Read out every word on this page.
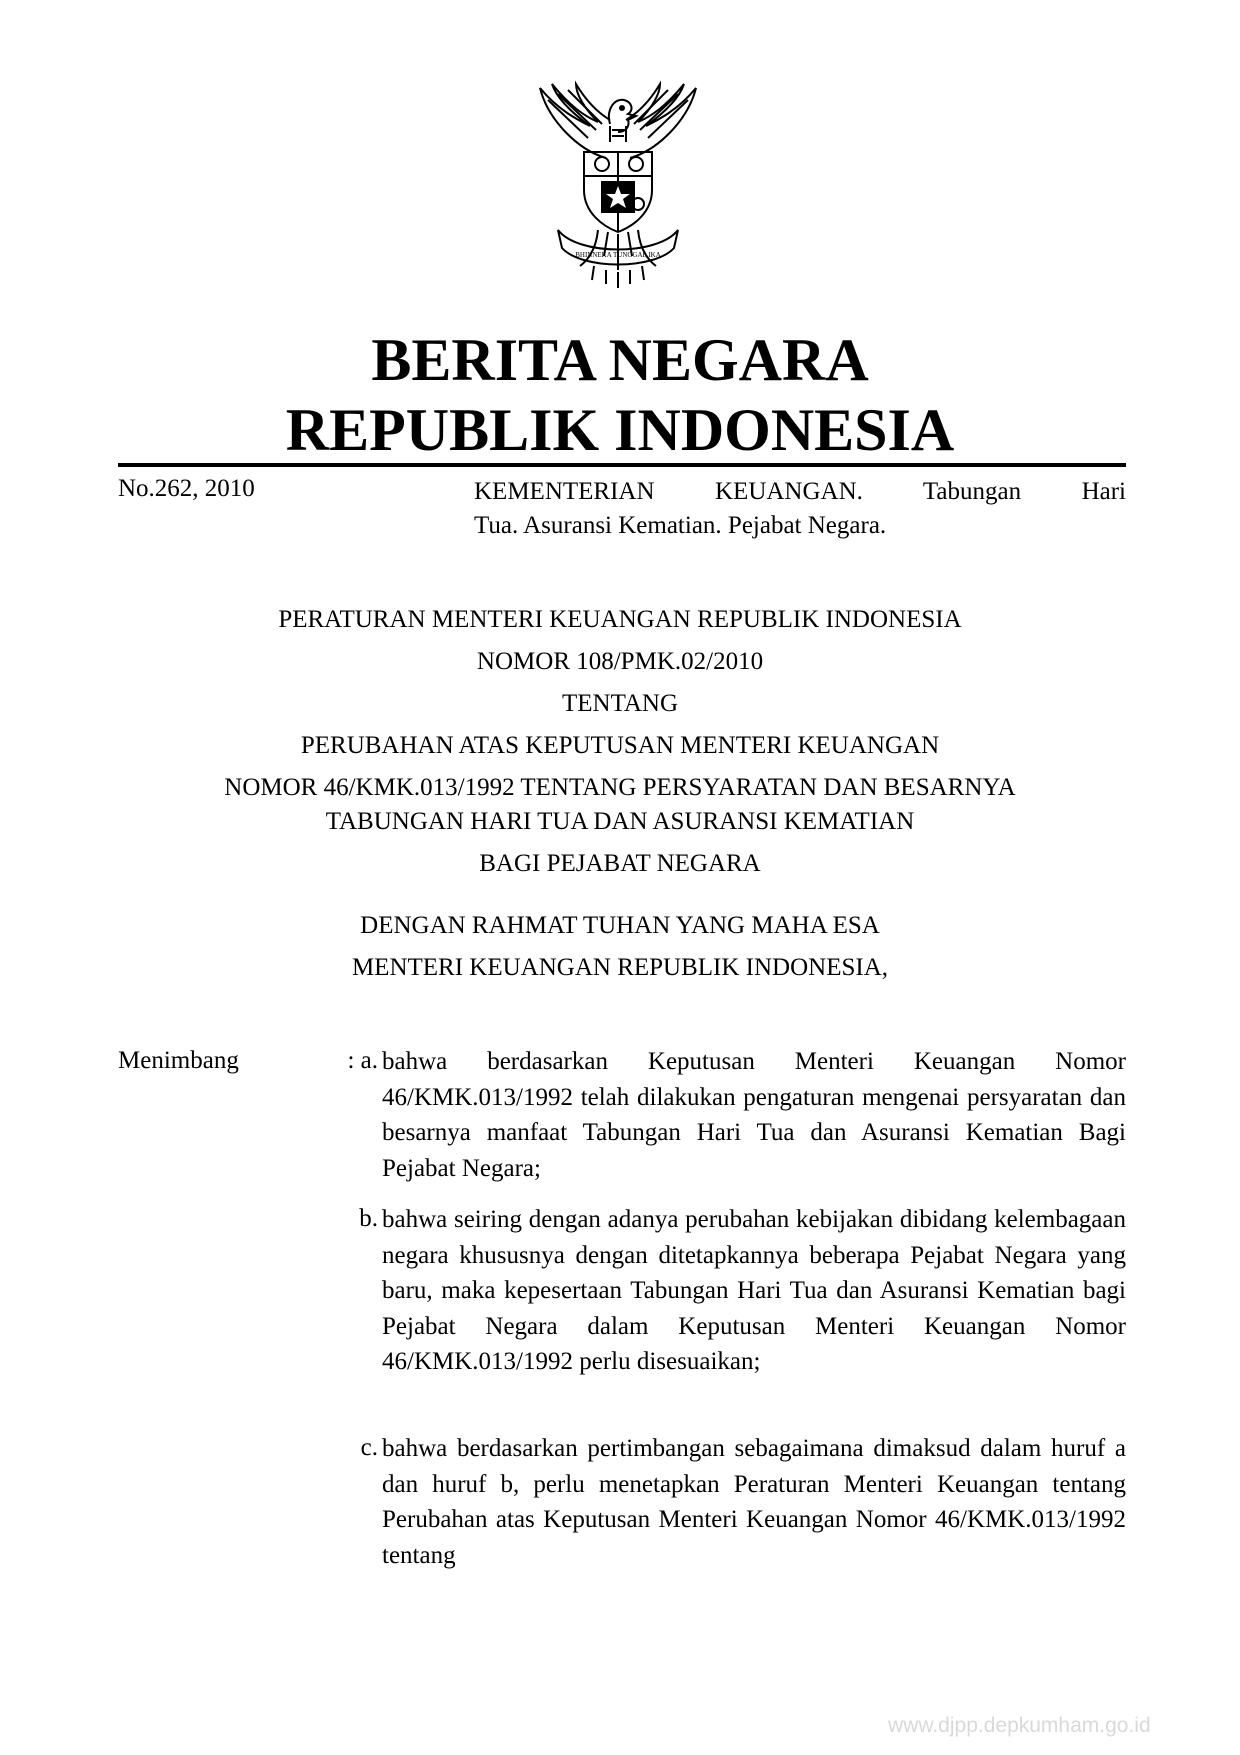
BHINNEKA TUNGGAL IKA
BERITA NEGARA
REPUBLIK INDONESIA
No.262, 2010	KEMENTERIAN KEUANGAN. Tabungan Hari
Tua. Asuransi Kematian. Pejabat Negara.
PERATURAN MENTERI KEUANGAN REPUBLIK INDONESIA
NOMOR 108/PMK.02/2010
TENTANG
PERUBAHAN ATAS KEPUTUSAN MENTERI KEUANGAN
NOMOR 46/KMK.013/1992 TENTANG PERSYARATAN DAN BESARNYA
TABUNGAN HARI TUA DAN ASURANSI KEMATIAN
BAGI PEJABAT NEGARA
DENGAN RAHMAT TUHAN YANG MAHA ESA
MENTERI KEUANGAN REPUBLIK INDONESIA,
Menimbang	: a. bahwa berdasarkan Keputusan Menteri Keuangan Nomor 46/KMK.013/1992 telah dilakukan pengaturan mengenai persyaratan dan besarnya manfaat Tabungan Hari Tua dan Asuransi Kematian Bagi Pejabat Negara;
b. bahwa seiring dengan adanya perubahan kebijakan dibidang kelembagaan negara khususnya dengan ditetapkannya beberapa Pejabat Negara yang baru, maka kepesertaan Tabungan Hari Tua dan Asuransi Kematian bagi Pejabat Negara dalam Keputusan Menteri Keuangan Nomor 46/KMK.013/1992 perlu disesuaikan;
c. bahwa berdasarkan pertimbangan sebagaimana dimaksud dalam huruf a dan huruf b, perlu menetapkan Peraturan Menteri Keuangan tentang Perubahan atas Keputusan Menteri Keuangan Nomor 46/KMK.013/1992 tentang
www.djpp.depkumham.go.id
